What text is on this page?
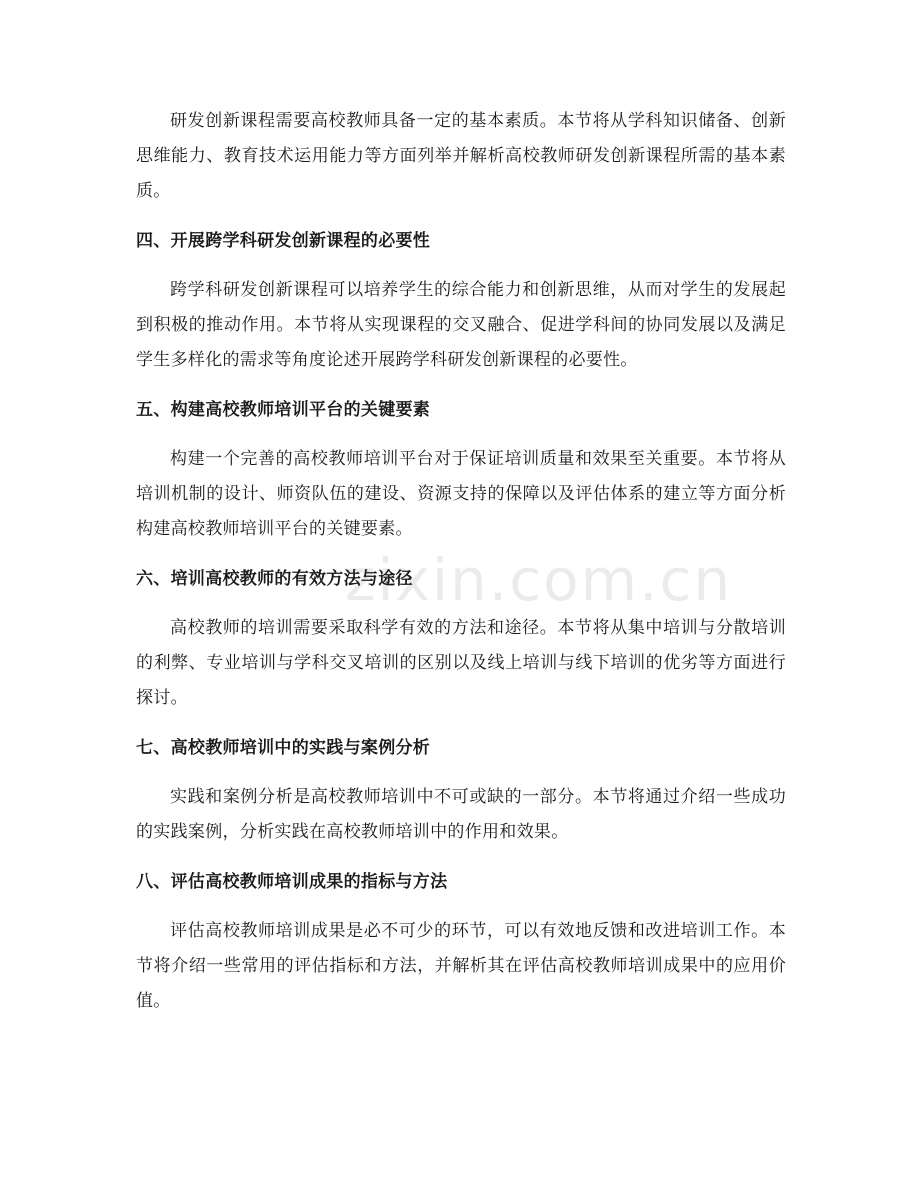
zixin.com.cn

研发创新课程需要高校教师具备一定的基本素质。本节将从学科知识储备、创新思维能力、教育技术运用能力等方面列举并解析高校教师研发创新课程所需的基本素质。

四、开展跨学科研发创新课程的必要性

跨学科研发创新课程可以培养学生的综合能力和创新思维，从而对学生的发展起到积极的推动作用。本节将从实现课程的交叉融合、促进学科间的协同发展以及满足学生多样化的需求等角度论述开展跨学科研发创新课程的必要性。

五、构建高校教师培训平台的关键要素

构建一个完善的高校教师培训平台对于保证培训质量和效果至关重要。本节将从培训机制的设计、师资队伍的建设、资源支持的保障以及评估体系的建立等方面分析构建高校教师培训平台的关键要素。

六、培训高校教师的有效方法与途径

高校教师的培训需要采取科学有效的方法和途径。本节将从集中培训与分散培训的利弊、专业培训与学科交叉培训的区别以及线上培训与线下培训的优劣等方面进行探讨。

七、高校教师培训中的实践与案例分析

实践和案例分析是高校教师培训中不可或缺的一部分。本节将通过介绍一些成功的实践案例，分析实践在高校教师培训中的作用和效果。

八、评估高校教师培训成果的指标与方法

评估高校教师培训成果是必不可少的环节，可以有效地反馈和改进培训工作。本节将介绍一些常用的评估指标和方法，并解析其在评估高校教师培训成果中的应用价值。
